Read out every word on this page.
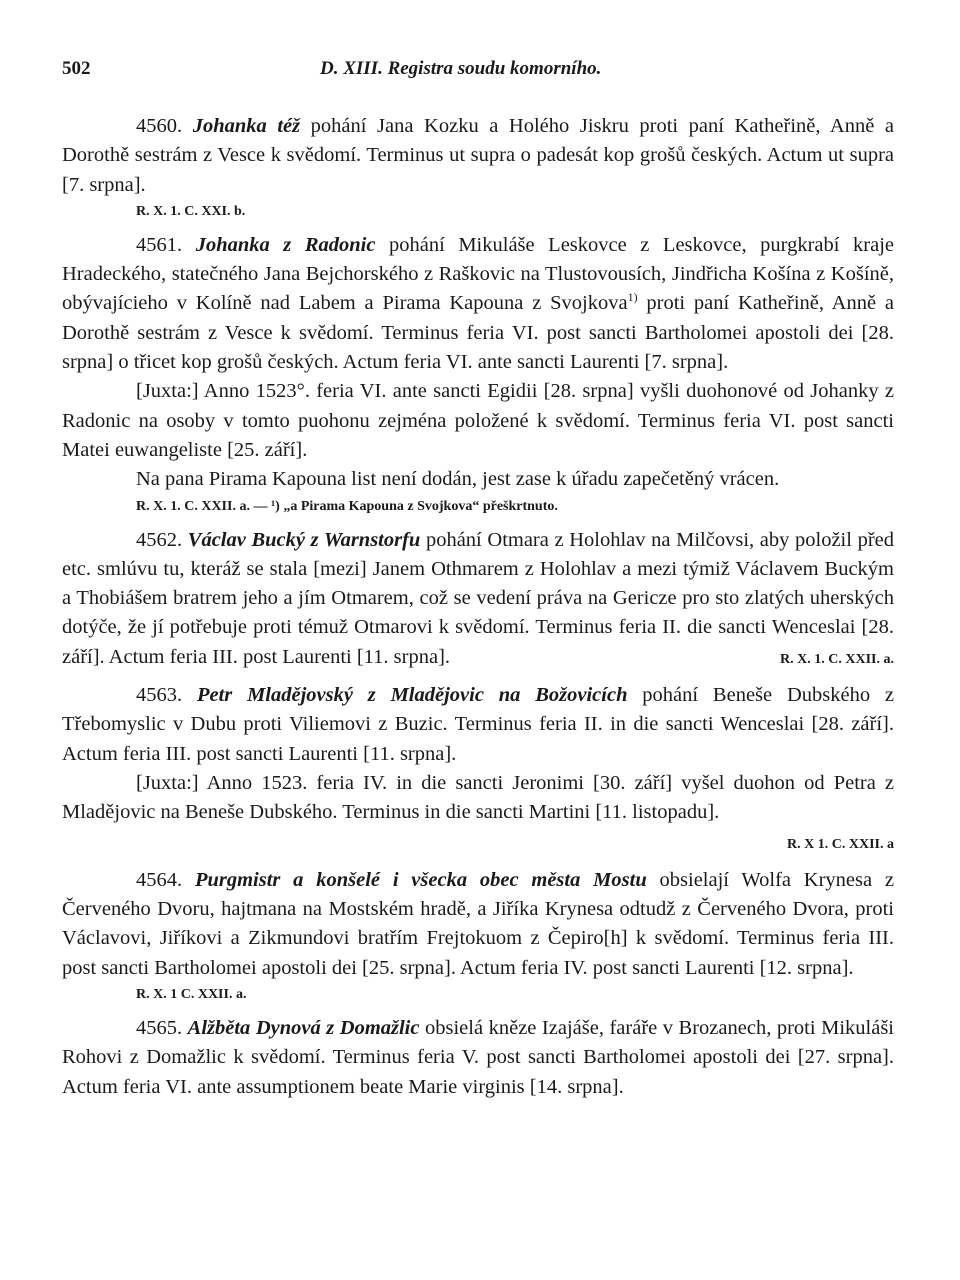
502	D. XIII. Registra soudu komorního.

4560. Johanka též pohání Jana Kozku a Holého Jiskru proti paní Katheřině, Anně a Dorothě sestrám z Vesce k svědomí. Terminus ut supra o padesát kop grošů českých. Actum ut supra [7. srpna].

R. X. 1. C. XXI. b.

4561. Johanka z Radonic pohání Mikuláše Leskovce z Leskovce, purgkrabí kraje Hradeckého, statečného Jana Bejchorského z Raškovic na Tlustovousích, Jindřicha Košína z Košíně, obývajícieho v Kolíně nad Labem a Pirama Kapouna z Svojkova$^{1)}$ proti paní Katheřině, Anně a Dorothě sestrám z Vesce k svědomí. Terminus feria VI. post sancti Bartholomei apostoli dei [28. srpna] o třicet kop grošů českých. Actum feria VI. ante sancti Laurenti [7. srpna].

[Juxta:] Anno 1523°. feria VI. ante sancti Egidii [28. srpna] vyšli duohonové od Johanky z Radonic na osoby v tomto puohonu zejména položené k svědomí. Terminus feria VI. post sancti Matei euwangeliste [25. září].

Na pana Pirama Kapouna list není dodán, jest zase k úřadu zapečetěný vrácen.

R. X. 1. C. XXII. a. — ¹) „a Pirama Kapouna z Svojkova“ přeškrtnuto.

4562. Václav Bucký z Warnstorfu pohání Otmara z Holohlav na Milčovsi, aby položil před etc. smlúvu tu, kteráž se stala [mezi] Janem Othmarem z Holohlav a mezi týmiž Václavem Buckým a Thobiášem bratrem jeho a jím Otmarem, což se vedení práva na Gericze pro sto zlatých uherských dotýče, že jí potřebuje proti témuž Otmarovi k svědomí. Terminus feria II. die sancti Wenceslai [28. září]. Actum feria III. post Laurenti [11. srpna].	R. X. 1. C. XXII. a.

4563. Petr Mladějovský z Mladějovic na Božovicích pohání Beneše Dubského z Třebomyslic v Dubu proti Viliemovi z Buzic. Terminus feria II. in die sancti Wenceslai [28. září]. Actum feria III. post sancti Laurenti [11. srpna].

[Juxta:] Anno 1523. feria IV. in die sancti Jeronimi [30. září] vyšel duohon od Petra z Mladějovic na Beneše Dubského. Terminus in die sancti Martini [11. listopadu].
R. X 1. C. XXII. a

4564. Purgmistr a konšelé i všecka obec města Mostu obsielají Wolfa Krynesa z Červeného Dvoru, hajtmana na Mostském hradě, a Jiříka Krynesa odtudž z Červeného Dvora, proti Václavovi, Jiříkovi a Zikmundovi bratřím Frejtokuom z Čepiro[h] k svědomí. Terminus feria III. post sancti Bartholomei apostoli dei [25. srpna]. Actum feria IV. post sancti Laurenti [12. srpna].

R. X. 1 C. XXII. a.

4565. Alžběta Dynová z Domažlic obsielá kněze Izajáše, faráře v Brozanech, proti Mikuláši Rohovi z Domažlic k svědomí. Terminus feria V. post sancti Bartholomei apostoli dei [27. srpna]. Actum feria VI. ante assumptionem beate Marie virginis [14. srpna].
